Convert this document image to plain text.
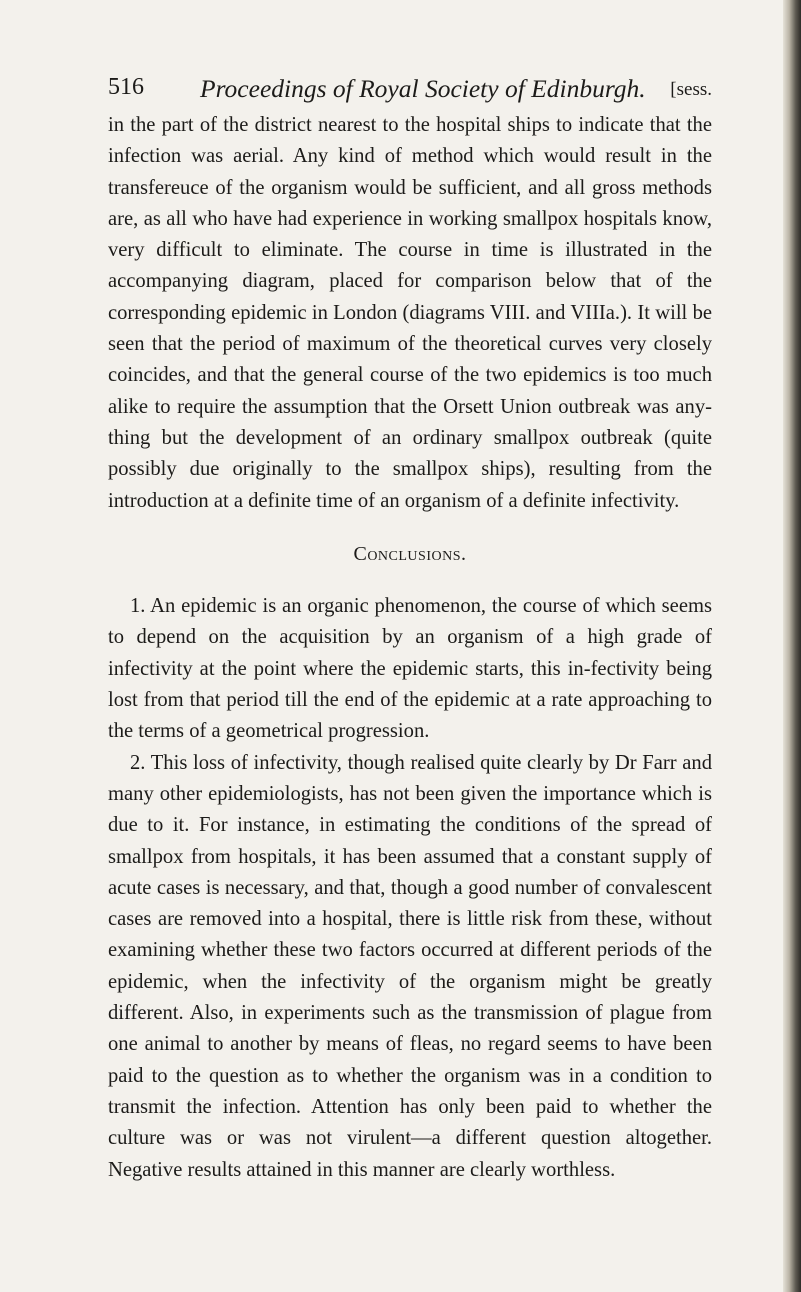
516 Proceedings of Royal Society of Edinburgh. [sess.

in the part of the district nearest to the hospital ships to indicate that the infection was aerial. Any kind of method which would result in the transfereuce of the organism would be sufficient, and all gross methods are, as all who have had experience in working smallpox hospitals know, very difficult to eliminate. The course in time is illustrated in the accompanying diagram, placed for comparison below that of the corresponding epidemic in London (diagrams VIII. and VIIIa.). It will be seen that the period of maximum of the theoretical curves very closely coincides, and that the general course of the two epidemics is too much alike to require the assumption that the Orsett Union outbreak was any-thing but the development of an ordinary smallpox outbreak (quite possibly due originally to the smallpox ships), resulting from the introduction at a definite time of an organism of a definite infectivity.

Conclusions.

1. An epidemic is an organic phenomenon, the course of which seems to depend on the acquisition by an organism of a high grade of infectivity at the point where the epidemic starts, this in-fectivity being lost from that period till the end of the epidemic at a rate approaching to the terms of a geometrical progression.

2. This loss of infectivity, though realised quite clearly by Dr Farr and many other epidemiologists, has not been given the importance which is due to it. For instance, in estimating the conditions of the spread of smallpox from hospitals, it has been assumed that a constant supply of acute cases is necessary, and that, though a good number of convalescent cases are removed into a hospital, there is little risk from these, without examining whether these two factors occurred at different periods of the epidemic, when the infectivity of the organism might be greatly different. Also, in experiments such as the transmission of plague from one animal to another by means of fleas, no regard seems to have been paid to the question as to whether the organism was in a condition to transmit the infection. Attention has only been paid to whether the culture was or was not virulent—a different question altogether. Negative results attained in this manner are clearly worthless.
